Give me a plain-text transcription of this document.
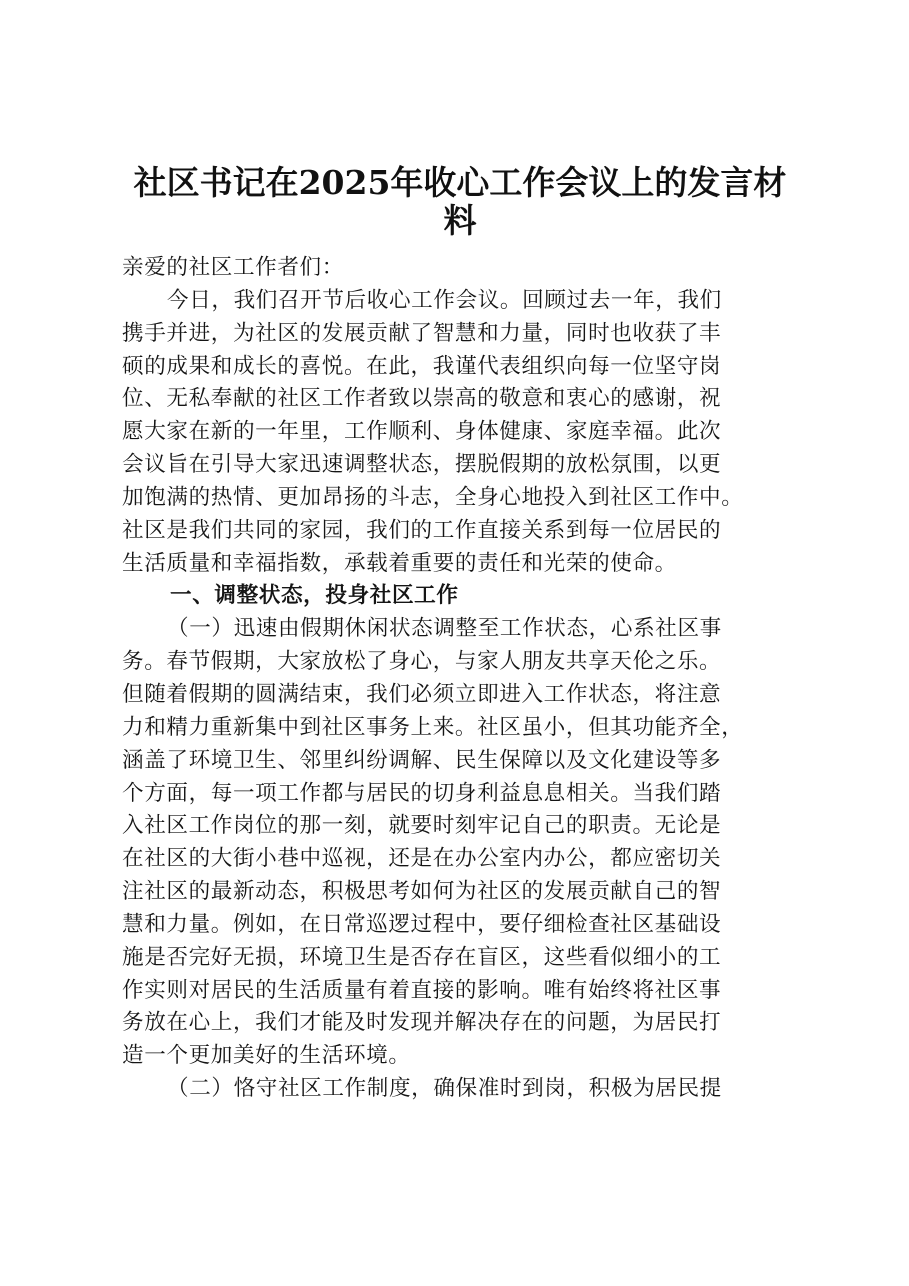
社区书记在2025年收心工作会议上的发言材
料
亲爱的社区工作者们：
今日，我们召开节后收心工作会议。回顾过去一年，我们
携手并进，为社区的发展贡献了智慧和力量，同时也收获了丰
硕的成果和成长的喜悦。在此，我谨代表组织向每一位坚守岗
位、无私奉献的社区工作者致以崇高的敬意和衷心的感谢，祝
愿大家在新的一年里，工作顺利、身体健康、家庭幸福。此次
会议旨在引导大家迅速调整状态，摆脱假期的放松氛围，以更
加饱满的热情、更加昂扬的斗志，全身心地投入到社区工作中。
社区是我们共同的家园，我们的工作直接关系到每一位居民的
生活质量和幸福指数，承载着重要的责任和光荣的使命。
一、调整状态，投身社区工作
（一）迅速由假期休闲状态调整至工作状态，心系社区事
务。春节假期，大家放松了身心，与家人朋友共享天伦之乐。
但随着假期的圆满结束，我们必须立即进入工作状态，将注意
力和精力重新集中到社区事务上来。社区虽小，但其功能齐全，
涵盖了环境卫生、邻里纠纷调解、民生保障以及文化建设等多
个方面，每一项工作都与居民的切身利益息息相关。当我们踏
入社区工作岗位的那一刻，就要时刻牢记自己的职责。无论是
在社区的大街小巷中巡视，还是在办公室内办公，都应密切关
注社区的最新动态，积极思考如何为社区的发展贡献自己的智
慧和力量。例如，在日常巡逻过程中，要仔细检查社区基础设
施是否完好无损，环境卫生是否存在盲区，这些看似细小的工
作实则对居民的生活质量有着直接的影响。唯有始终将社区事
务放在心上，我们才能及时发现并解决存在的问题，为居民打
造一个更加美好的生活环境。
（二）恪守社区工作制度，确保准时到岗，积极为居民提
